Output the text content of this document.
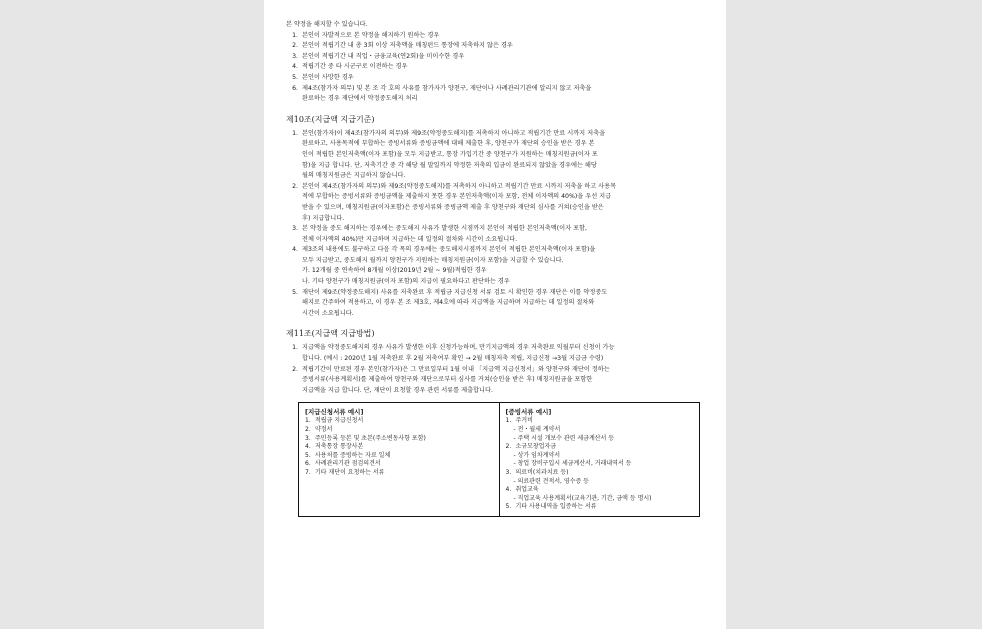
본 약정을 해지할 수 있습니다.

1. 본인이 자발적으로 본 약정을 해지하기 원하는 경우
2. 본인이 적립기간 내 총 3회 이상 저축액을 매칭펀드 통장에 저축하지 않은 경우
3. 본인이 적립기간 내 직업・금융교육(연2회)을 미이수한 경우
4. 적립기간 중 타 시군구로 이전하는 경우
5. 본인이 사망한 경우
6. 제4조(참가자 의무) 및 본 조 각 호의 사유를 참가자가 양천구, 재단이나 사례관리기관에 알리지 않고 저축을
완료하는 경우 재단에서 약정중도해지 처리
제10조(지급액 지급기준)
1. 본인(참가자)이 제4조(참가자의 의무)와 제9조(약정중도해지)를 저촉하지 아니하고 적립기간 만료 시까지 저축을
완료하고, 사용목적에 부합하는 증빙서류와 증빙금액에 대해 제출한 후, 양천구가 재단의 승인을 받은 경우 본
인이 적립한 본인저축액(이자 포함)을 모두 지급받고, 통장 가입기간 중 양천구가 지원하는 매칭지원금(이자 포
함)을 지급 합니다. 단, 저축기간 중 각 해당 월 말일까지 약정한 저축의 입금이 완료되지 않았을 경우에는 해당
월의 매칭지원금은 지급하지 않습니다.
2. 본인이 제4조(참가자의 의무)와 제9조(약정중도해지)를 저촉하지 아니하고 적립기간 만료 시까지 저축을 하고 사용목
적에 부합하는 증빙서류와 증빙금액을 제출하지 못한 경우 본인저축액(이자 포함, 전체 이자액의 40%)을 우선 지급
받을 수 있으며, 매칭지원금(이자포함)은 증빙서류와 증빙금액 제출 후 양천구와 재단의 심사를 거쳐(승인을 받은
후) 지급합니다.
3. 본 약정을 중도 해지하는 경우에는 중도해지 사유가 발생한 시점까지 본인이 적립한 본인저축액(이자 포함,
전체 이자액의 40%)만 지급하며 지급하는 데 일정의 절차와 시간이 소요됩니다.
4. 제3조의 내용에도 불구하고 다음 각 목의 경우에는 중도해지시점까지 본인이 적립한 본인저축액(이자 포함)을
모두 지급받고, 중도해지 월까지 양천구가 지원하는 매칭지원금(이자 포함)을 지급할 수 있습니다.
가. 12개월 중 연속하여 8개월 이상(2019년 2월 ~ 9월)적립한 경우
나. 기타 양천구가 매칭지원금(이자 포함)의 지급이 필요하다고 판단하는 경우
5. 재단이 제9조(약정중도해지) 사유를 저축완료 후 적립금 지급신청 서류 검토 시 확인한 경우 재단은 이를 약정중도
해지로 간주하여 적용하고, 이 경우 본 조 제3호, 제4호에 따라 지급액을 지급하며 지급하는 데 일정의 절차와
시간이 소요됩니다.
제11조(지급액 지급방법)
1. 지급액을 약정중도해지의 경우 사유가 발생한 이후 신청가능하며, 만기지급액의 경우 저축완료 익월부터 신청이 가능
합니다. (예시 : 2020년 1월 저축완료 후 2월 저축여부 확인 → 2월 매칭저축 적립, 지급신청 →3월 지급금 수령)
2. 적립기간이 만료된 경우 본인(참가자)은 그 만료일부터 1월 이내 「지급액 지급신청서」와 양천구와 재단이 정하는
증빙서류(사용계획서)를 제출하여 양천구와 재단으로부터 심사를 거쳐(승인을 받은 후) 매칭지원금을 포함한
지급액을 지급 합니다. 단, 재단이 요청할 경우 관련 서류를 제출합니다.
[지급신청서류 예시]
1. 적립금 지급신청서
2. 약정서
3. 주민등록 등본 및 초본(주소변동사항 포함)
4. 저축통장 통장사본
5. 사용처를 증빙하는 자료 일체
6. 사례관리기관 점검의견서
7. 기타 재단이 요청하는 서류
[증빙서류 예시]
1. 주거비
- 전・월세 계약서
- 주택 시설 개보수 관련 세금계산서 등
2. 소규모창업자금
- 상가 임차계약서
- 창업 장비구입시 세금계산서, 거래내역서 등
3. 의료비(치과치료 등)
- 의료관련 견적서, 영수증 등
4. 취업교육
- 직업교육 사용계획서(교육기관, 기간, 금액 등 명시)
5. 기타 사용내역을 입증하는 서류
